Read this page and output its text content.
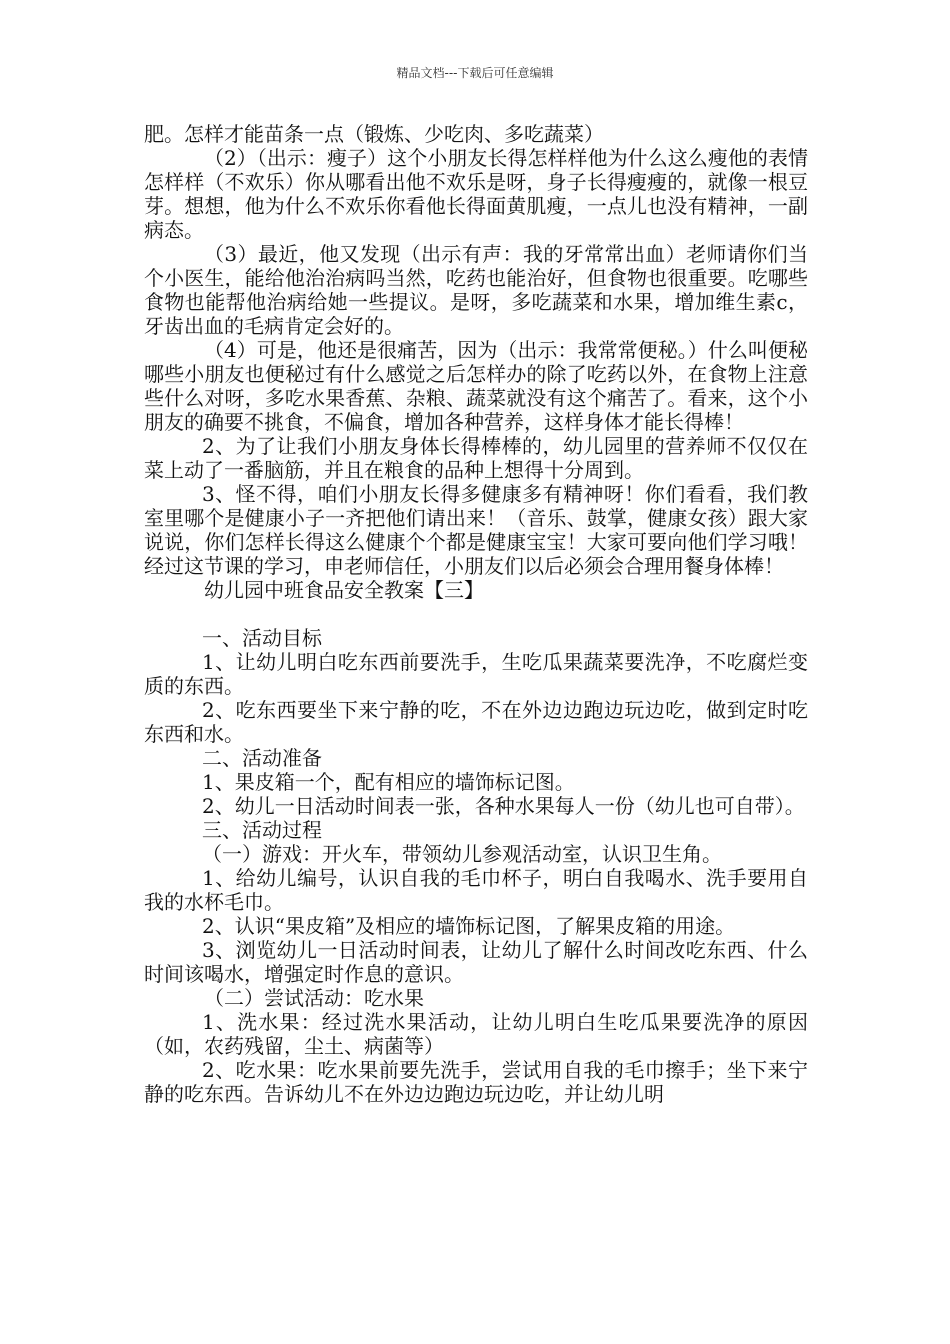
精品文档---下载后可任意编辑

肥。怎样才能苗条一点（锻炼、少吃肉、多吃蔬菜）

（2）（出示：瘦子）这个小朋友长得怎样样他为什么这么瘦他的表情怎样样（不欢乐）你从哪看出他不欢乐是呀，身子长得瘦瘦的，就像一根豆芽。想想，他为什么不欢乐你看他长得面黄肌瘦，一点儿也没有精神，一副病态。

（3）最近，他又发现（出示有声：我的牙常常出血）老师请你们当个小医生，能给他治治病吗当然，吃药也能治好，但食物也很重要。吃哪些食物也能帮他治病给她一些提议。是呀，多吃蔬菜和水果，增加维生素c，牙齿出血的毛病肯定会好的。

（4）可是，他还是很痛苦，因为（出示：我常常便秘。）什么叫便秘哪些小朋友也便秘过有什么感觉之后怎样办的除了吃药以外，在食物上注意些什么对呀，多吃水果香蕉、杂粮、蔬菜就没有这个痛苦了。看来，这个小朋友的确要不挑食，不偏食，增加各种营养，这样身体才能长得棒！

2、为了让我们小朋友身体长得棒棒的，幼儿园里的营养师不仅仅在菜上动了一番脑筋，并且在粮食的品种上想得十分周到。

3、怪不得，咱们小朋友长得多健康多有精神呀！你们看看，我们教室里哪个是健康小子一齐把他们请出来！（音乐、鼓掌，健康女孩）跟大家说说，你们怎样长得这么健康个个都是健康宝宝！大家可要向他们学习哦！经过这节课的学习，申老师信任，小朋友们以后必须会合理用餐身体棒！

幼儿园中班食品安全教案【三】

一、活动目标

1、让幼儿明白吃东西前要洗手，生吃瓜果蔬菜要洗净，不吃腐烂变质的东西。

2、吃东西要坐下来宁静的吃，不在外边边跑边玩边吃，做到定时吃东西和水。

二、活动准备

1、果皮箱一个，配有相应的墙饰标记图。

2、幼儿一日活动时间表一张，各种水果每人一份（幼儿也可自带）。

三、活动过程

（一）游戏：开火车，带领幼儿参观活动室，认识卫生角。

1、给幼儿编号，认识自我的毛巾杯子，明白自我喝水、洗手要用自我的水杯毛巾。

2、认识“果皮箱”及相应的墙饰标记图，了解果皮箱的用途。

3、浏览幼儿一日活动时间表，让幼儿了解什么时间改吃东西、什么时间该喝水，增强定时作息的意识。

（二）尝试活动：吃水果

1、洗水果：经过洗水果活动，让幼儿明白生吃瓜果要洗净的原因（如，农药残留，尘土、病菌等）

2、吃水果：吃水果前要先洗手，尝试用自我的毛巾擦手；坐下来宁静的吃东西。告诉幼儿不在外边边跑边玩边吃，并让幼儿明
